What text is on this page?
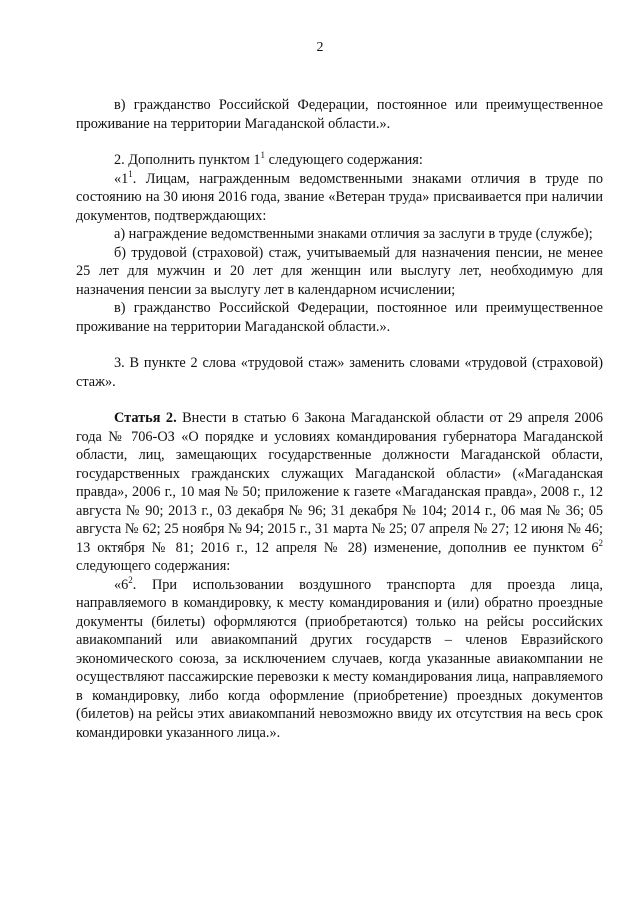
2

в) гражданство Российской Федерации, постоянное или преимущественное проживание на территории Магаданской области.».

2. Дополнить пунктом $1^1$ следующего содержания:

«$1^1$. Лицам, награжденным ведомственными знаками отличия в труде по состоянию на 30 июня 2016 года, звание «Ветеран труда» присваивается при наличии документов, подтверждающих:

а) награждение ведомственными знаками отличия за заслуги в труде (службе);

б) трудовой (страховой) стаж, учитываемый для назначения пенсии, не менее 25 лет для мужчин и 20 лет для женщин или выслугу лет, необходимую для назначения пенсии за выслугу лет в календарном исчислении;

в) гражданство Российской Федерации, постоянное или преимущественное проживание на территории Магаданской области.».

3. В пункте 2 слова «трудовой стаж» заменить словами «трудовой (страховой) стаж».

Статья 2. Внести в статью 6 Закона Магаданской области от 29 апреля 2006 года № 706-ОЗ «О порядке и условиях командирования губернатора Магаданской области, лиц, замещающих государственные должности Магаданской области, государственных гражданских служащих Магаданской области» («Магаданская правда», 2006 г., 10 мая № 50; приложение к газете «Магаданская правда», 2008 г., 12 августа № 90; 2013 г., 03 декабря № 96; 31 декабря № 104; 2014 г., 06 мая № 36; 05 августа № 62; 25 ноября № 94; 2015 г., 31 марта № 25; 07 апреля № 27; 12 июня № 46; 13 октября № 81; 2016 г., 12 апреля № 28) изменение, дополнив ее пунктом $6^2$ следующего содержания:

«$6^2$. При использовании воздушного транспорта для проезда лица, направляемого в командировку, к месту командирования и (или) обратно проездные документы (билеты) оформляются (приобретаются) только на рейсы российских авиакомпаний или авиакомпаний других государств – членов Евразийского экономического союза, за исключением случаев, когда указанные авиакомпании не осуществляют пассажирские перевозки к месту командирования лица, направляемого в командировку, либо когда оформление (приобретение) проездных документов (билетов) на рейсы этих авиакомпаний невозможно ввиду их отсутствия на весь срок командировки указанного лица.».
